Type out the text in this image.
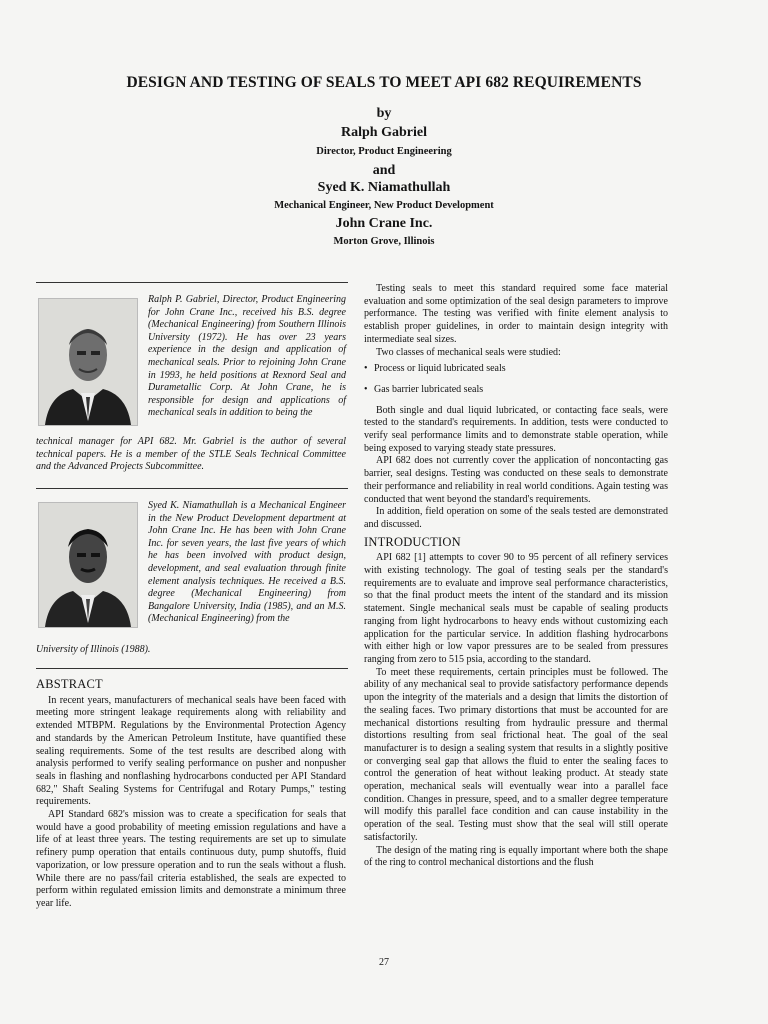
DESIGN AND TESTING OF SEALS TO MEET API 682 REQUIREMENTS
by
Ralph Gabriel
Director, Product Engineering
and
Syed K. Niamathullah
Mechanical Engineer, New Product Development
John Crane Inc.
Morton Grove, Illinois
Ralph P. Gabriel, Director, Product Engineering for John Crane Inc., received his B.S. degree (Mechanical Engineering) from Southern Illinois University (1972). He has over 23 years experience in the design and application of mechanical seals. Prior to rejoining John Crane in 1993, he held positions at Rexnord Seal and Durametallic Corp. At John Crane, he is responsible for design and applications of mechanical seals in addition to being the
technical manager for API 682. Mr. Gabriel is the author of several technical papers. He is a member of the STLE Seals Technical Committee and the Advanced Projects Subcommittee.
Syed K. Niamathullah is a Mechanical Engineer in the New Product Development department at John Crane Inc. He has been with John Crane Inc. for seven years, the last five years of which he has been involved with product design, development, and seal evaluation through finite element analysis techniques. He received a B.S. degree (Mechanical Engineering) from Bangalore University, India (1985), and an M.S. (Mechanical Engineering) from the
University of Illinois (1988).
ABSTRACT

In recent years, manufacturers of mechanical seals have been faced with meeting more stringent leakage requirements along with reliability and extended MTBPM. Regulations by the Environmental Protection Agency and standards by the American Petroleum Institute, have quantified these sealing requirements. Some of the test results are described along with analysis performed to verify sealing performance on pusher and nonpusher seals in flashing and nonflashing hydrocarbons conducted per API Standard 682," Shaft Sealing Systems for Centrifugal and Rotary Pumps," testing requirements.

API Standard 682's mission was to create a specification for seals that would have a good probability of meeting emission regulations and have a life of at least three years. The testing requirements are set up to simulate refinery pump operation that entails continuous duty, pump shutoffs, fluid vaporization, or low pressure operation and to run the seals without a flush. While there are no pass/fail criteria established, the seals are expected to perform within regulated emission limits and demonstrate a minimum three year life.

Testing seals to meet this standard required some face material evaluation and some optimization of the seal design parameters to improve performance. The testing was verified with finite element analysis to establish proper guidelines, in order to maintain design integrity with intermediate seal sizes.

Two classes of mechanical seals were studied:

• Process or liquid lubricated seals
• Gas barrier lubricated seals

Both single and dual liquid lubricated, or contacting face seals, were tested to the standard's requirements. In addition, tests were conducted to verify seal performance limits and to demonstrate stable operation, while being exposed to varying steady state pressures.

API 682 does not currently cover the application of noncontacting gas barrier, seal designs. Testing was conducted on these seals to demonstrate their performance and reliability in real world conditions. Again testing was conducted that went beyond the standard's requirements.

In addition, field operation on some of the seals tested are demonstrated and discussed.

INTRODUCTION

API 682 [1] attempts to cover 90 to 95 percent of all refinery services with existing technology. The goal of testing seals per the standard's requirements are to evaluate and improve seal performance characteristics, so that the final product meets the intent of the standard and its mission statement. Single mechanical seals must be capable of sealing products ranging from light hydrocarbons to heavy ends without customizing each application for the particular service. In addition flashing hydrocarbons with either high or low vapor pressures are to be sealed from pressures ranging from zero to 515 psia, according to the standard.

To meet these requirements, certain principles must be followed. The ability of any mechanical seal to provide satisfactory performance depends upon the integrity of the materials and a design that limits the distortion of the sealing faces. Two primary distortions that must be accounted for are mechanical distortions resulting from hydraulic pressure and thermal distortions resulting from seal frictional heat. The goal of the seal manufacturer is to design a sealing system that results in a slightly positive or converging seal gap that allows the fluid to enter the sealing faces to control the generation of heat without leaking product. At steady state operation, mechanical seals will eventually wear into a parallel face condition. Changes in pressure, speed, and to a smaller degree temperature will modify this parallel face condition and can cause instability in the operation of the seal. Testing must show that the seal will still operate satisfactorily.

The design of the mating ring is equally important where both the shape of the ring to control mechanical distortions and the flush

27
